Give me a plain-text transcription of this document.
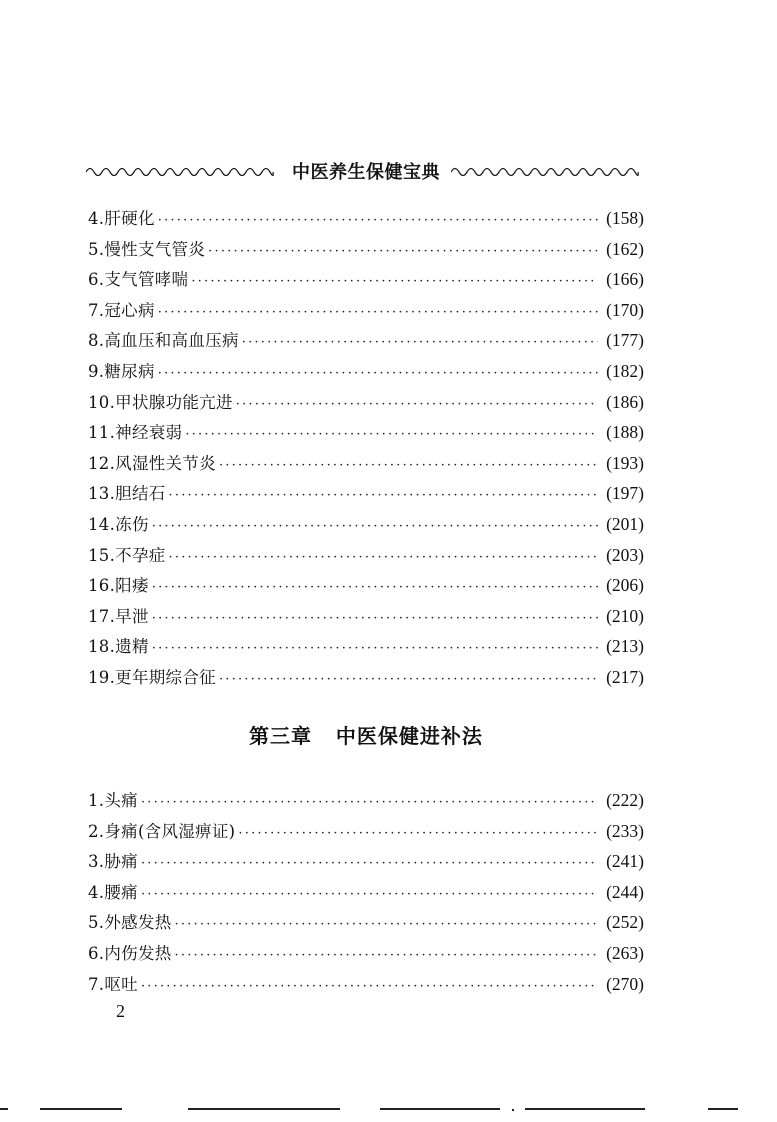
中医养生保健宝典
4.肝硬化 ·····	(158)
5.慢性支气管炎 ·····	(162)
6.支气管哮喘 ·····	(166)
7.冠心病 ·····	(170)
8.高血压和高血压病 ·····	(177)
9.糖尿病 ·····	(182)
10.甲状腺功能亢进 ·····	(186)
11.神经衰弱 ·····	(188)
12.风湿性关节炎 ·····	(193)
13.胆结石 ·····	(197)
14.冻伤 ·····	(201)
15.不孕症 ·····	(203)
16.阳痿 ·····	(206)
17.早泄 ·····	(210)
18.遗精 ·····	(213)
19.更年期综合征 ·····	(217)
第三章   中医保健进补法
1.头痛 ·····	(222)
2.身痛(含风湿痹证) ·····	(233)
3.胁痛 ·····	(241)
4.腰痛 ·····	(244)
5.外感发热 ·····	(252)
6.内伤发热 ·····	(263)
7.呕吐 ·····	(270)
2
